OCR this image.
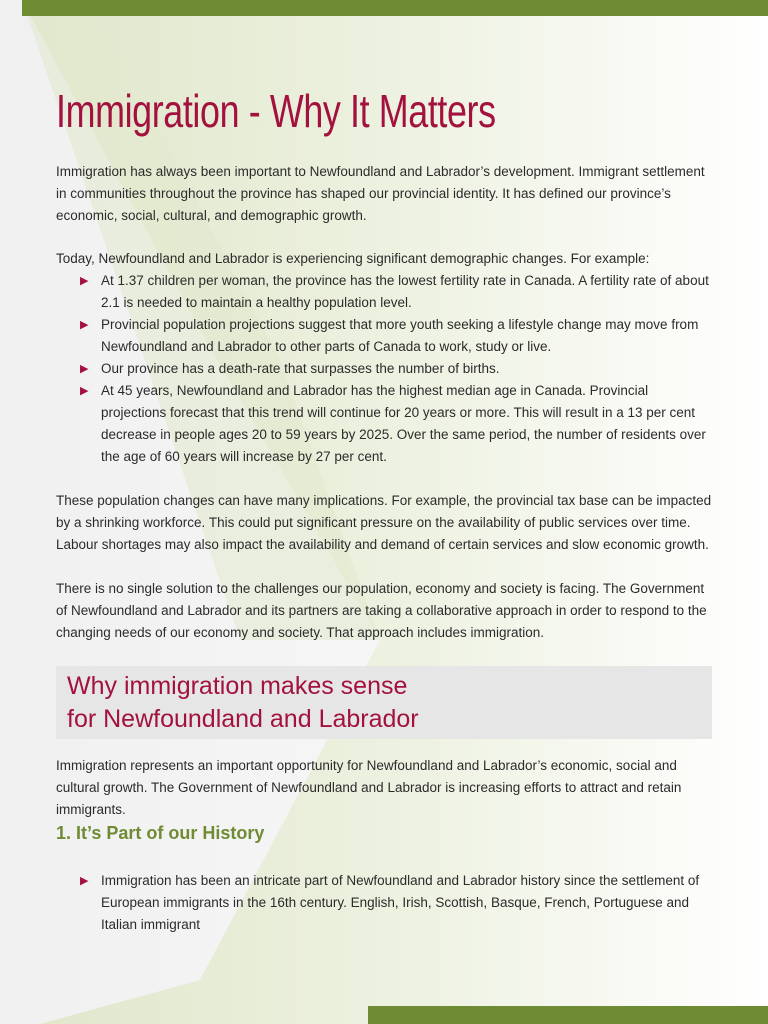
Immigration - Why It Matters

Immigration has always been important to Newfoundland and Labrador’s development. Immigrant settlement in communities throughout the province has shaped our provincial identity. It has defined our province’s economic, social, cultural, and demographic growth.

Today, Newfoundland and Labrador is experiencing significant demographic changes. For example:

▶ At 1.37 children per woman, the province has the lowest fertility rate in Canada. A fertility rate of about 2.1 is needed to maintain a healthy population level.
▶ Provincial population projections suggest that more youth seeking a lifestyle change may move from Newfoundland and Labrador to other parts of Canada to work, study or live.
▶ Our province has a death-rate that surpasses the number of births.
▶ At 45 years, Newfoundland and Labrador has the highest median age in Canada. Provincial projections forecast that this trend will continue for 20 years or more. This will result in a 13 per cent decrease in people ages 20 to 59 years by 2025. Over the same period, the number of residents over the age of 60 years will increase by 27 per cent.

These population changes can have many implications. For example, the provincial tax base can be impacted by a shrinking workforce. This could put significant pressure on the availability of public services over time. Labour shortages may also impact the availability and demand of certain services and slow economic growth.

There is no single solution to the challenges our population, economy and society is facing. The Government of Newfoundland and Labrador and its partners are taking a collaborative approach in order to respond to the changing needs of our economy and society. That approach includes immigration.

Why immigration makes sense
for Newfoundland and Labrador

Immigration represents an important opportunity for Newfoundland and Labrador’s economic, social and cultural growth. The Government of Newfoundland and Labrador is increasing efforts to attract and retain immigrants.

1. It’s Part of our History
▶ Immigration has been an intricate part of Newfoundland and Labrador history since the settlement of European immigrants in the 16th century. English, Irish, Scottish, Basque, French, Portuguese and Italian immigrant
